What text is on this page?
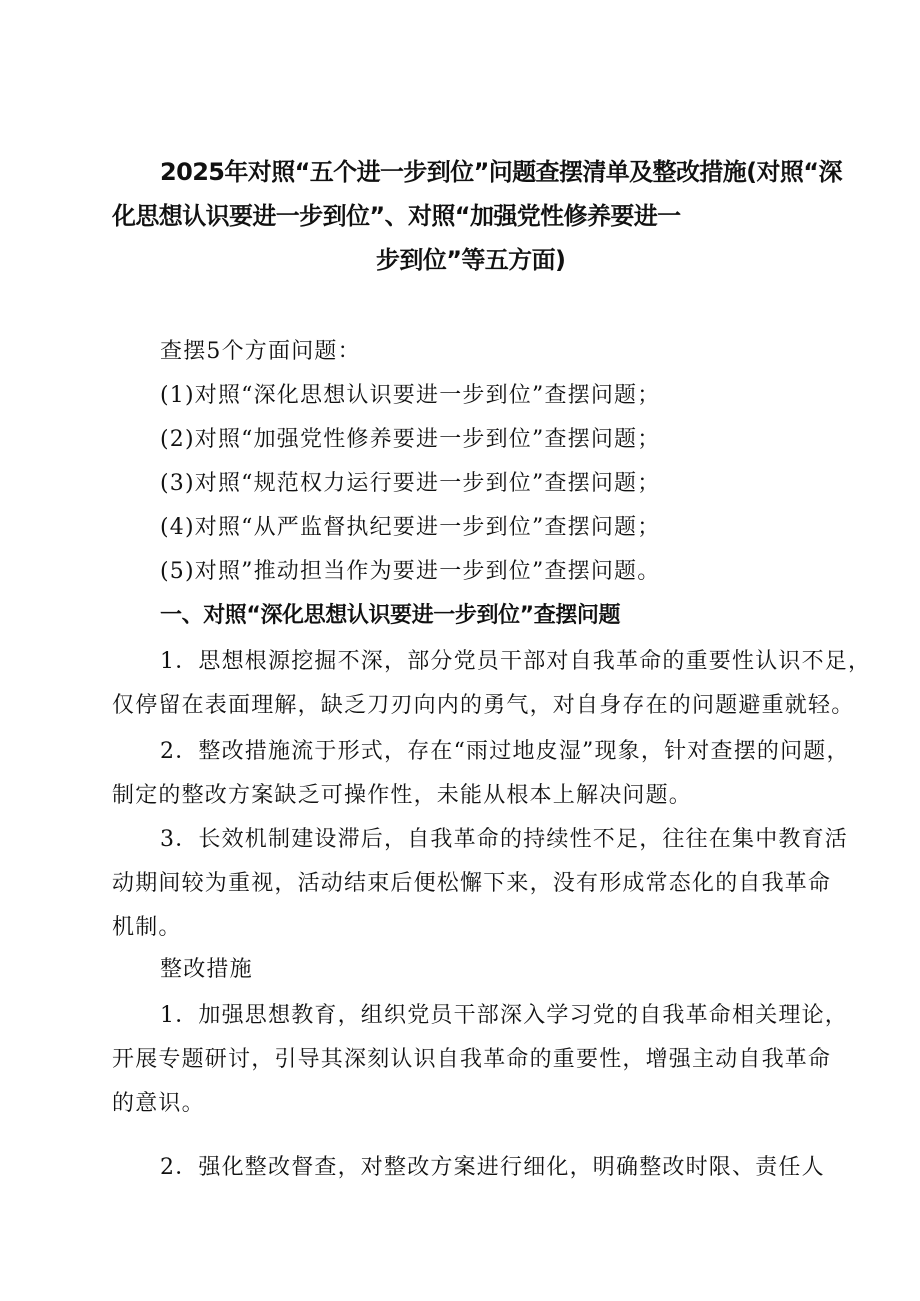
2025年对照“五个进一步到位”问题查摆清单及整改措施(对照“深
化思想认识要进一步到位”、对照“加强党性修养要进一
步到位”等五方面)
查摆5个方面问题：
(1)对照“深化思想认识要进一步到位”查摆问题；
(2)对照“加强党性修养要进一步到位”查摆问题；
(3)对照“规范权力运行要进一步到位”查摆问题；
(4)对照“从严监督执纪要进一步到位”查摆问题；
(5)对照”推动担当作为要进一步到位”查摆问题。
一、对照“深化思想认识要进一步到位”查摆问题
1．思想根源挖掘不深，部分党员干部对自我革命的重要性认识不足，
仅停留在表面理解，缺乏刀刃向内的勇气，对自身存在的问题避重就轻。
2．整改措施流于形式，存在“雨过地皮湿”现象，针对查摆的问题，
制定的整改方案缺乏可操作性，未能从根本上解决问题。
3．长效机制建设滞后，自我革命的持续性不足，往往在集中教育活
动期间较为重视，活动结束后便松懈下来，没有形成常态化的自我革命
机制。
整改措施
1．加强思想教育，组织党员干部深入学习党的自我革命相关理论，
开展专题研讨，引导其深刻认识自我革命的重要性，增强主动自我革命
的意识。
2．强化整改督查，对整改方案进行细化，明确整改时限、责任人
